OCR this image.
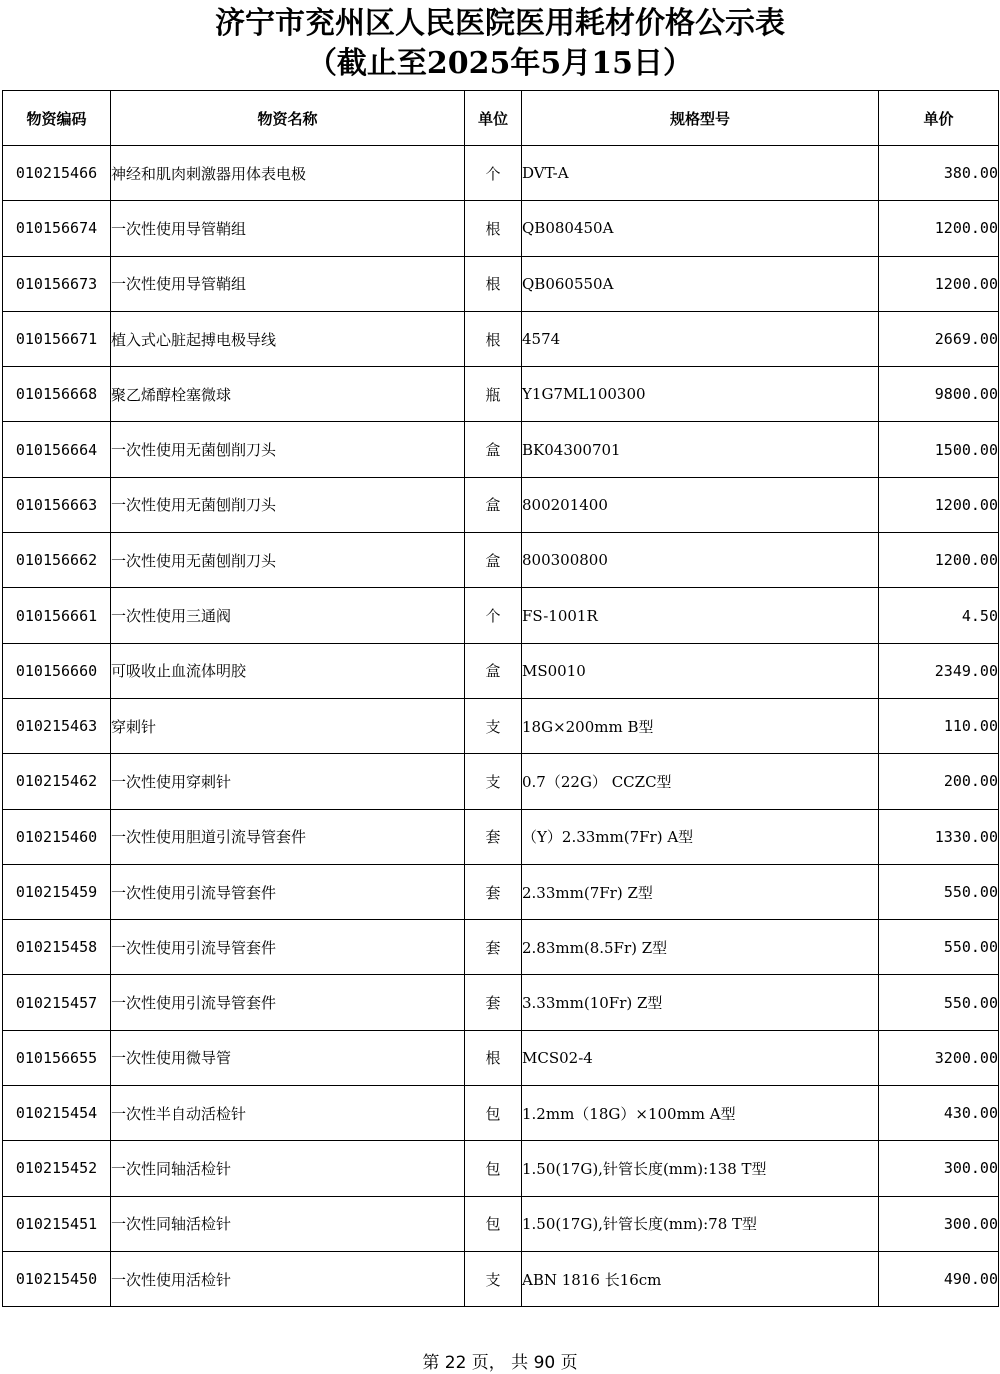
济宁市兖州区人民医院医用耗材价格公示表
（截止至2025年5月15日）
物资编码	物资名称	单位	规格型号	单价
010215466	神经和肌肉刺激器用体表电极	个	DVT-A	380.00
010156674	一次性使用导管鞘组	根	QB080450A	1200.00
010156673	一次性使用导管鞘组	根	QB060550A	1200.00
010156671	植入式心脏起搏电极导线	根	4574	2669.00
010156668	聚乙烯醇栓塞微球	瓶	Y1G7ML100300	9800.00
010156664	一次性使用无菌刨削刀头	盒	BK04300701	1500.00
010156663	一次性使用无菌刨削刀头	盒	800201400	1200.00
010156662	一次性使用无菌刨削刀头	盒	800300800	1200.00
010156661	一次性使用三通阀	个	FS-1001R	4.50
010156660	可吸收止血流体明胶	盒	MS0010	2349.00
010215463	穿刺针	支	18G×200mm B型	110.00
010215462	一次性使用穿刺针	支	0.7（22G） CCZC型	200.00
010215460	一次性使用胆道引流导管套件	套	（Y）2.33mm(7Fr) A型	1330.00
010215459	一次性使用引流导管套件	套	2.33mm(7Fr) Z型	550.00
010215458	一次性使用引流导管套件	套	2.83mm(8.5Fr) Z型	550.00
010215457	一次性使用引流导管套件	套	3.33mm(10Fr) Z型	550.00
010156655	一次性使用微导管	根	MCS02-4	3200.00
010215454	一次性半自动活检针	包	1.2mm（18G）×100mm A型	430.00
010215452	一次性同轴活检针	包	1.50(17G),针管长度(mm):138 T型	300.00
010215451	一次性同轴活检针	包	1.50(17G),针管长度(mm):78 T型	300.00
010215450	一次性使用活检针	支	ABN 1816 长16cm	490.00
第 22 页， 共 90 页
